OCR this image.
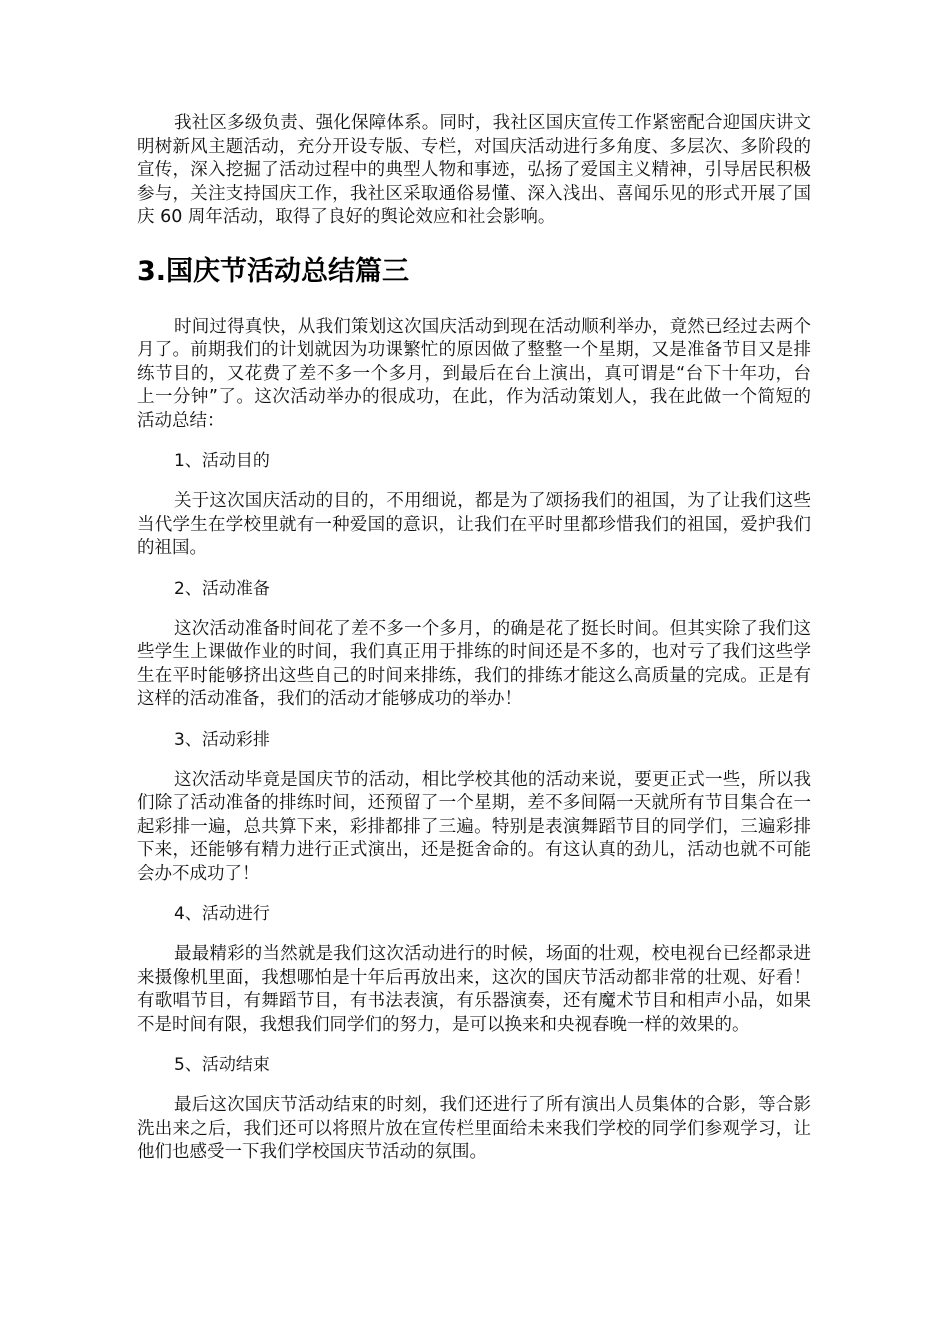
我社区多级负责、强化保障体系。同时，我社区国庆宣传工作紧密配合迎国庆讲文明树新风主题活动，充分开设专版、专栏，对国庆活动进行多角度、多层次、多阶段的宣传，深入挖掘了活动过程中的典型人物和事迹，弘扬了爱国主义精神，引导居民积极参与，关注支持国庆工作，我社区采取通俗易懂、深入浅出、喜闻乐见的形式开展了国庆 60 周年活动，取得了良好的舆论效应和社会影响。

3.国庆节活动总结篇三

时间过得真快，从我们策划这次国庆活动到现在活动顺利举办，竟然已经过去两个月了。前期我们的计划就因为功课繁忙的原因做了整整一个星期，又是准备节目又是排练节目的，又花费了差不多一个多月，到最后在台上演出，真可谓是“台下十年功，台上一分钟”了。这次活动举办的很成功，在此，作为活动策划人，我在此做一个简短的活动总结：

1、活动目的

关于这次国庆活动的目的，不用细说，都是为了颂扬我们的祖国，为了让我们这些当代学生在学校里就有一种爱国的意识，让我们在平时里都珍惜我们的祖国，爱护我们的祖国。

2、活动准备

这次活动准备时间花了差不多一个多月，的确是花了挺长时间。但其实除了我们这些学生上课做作业的时间，我们真正用于排练的时间还是不多的，也对亏了我们这些学生在平时能够挤出这些自己的时间来排练，我们的排练才能这么高质量的完成。正是有这样的活动准备，我们的活动才能够成功的举办！

3、活动彩排

这次活动毕竟是国庆节的活动，相比学校其他的活动来说，要更正式一些，所以我们除了活动准备的排练时间，还预留了一个星期，差不多间隔一天就所有节目集合在一起彩排一遍，总共算下来，彩排都排了三遍。特别是表演舞蹈节目的同学们，三遍彩排下来，还能够有精力进行正式演出，还是挺舍命的。有这认真的劲儿，活动也就不可能会办不成功了！

4、活动进行

最最精彩的当然就是我们这次活动进行的时候，场面的壮观，校电视台已经都录进来摄像机里面，我想哪怕是十年后再放出来，这次的国庆节活动都非常的壮观、好看！有歌唱节目，有舞蹈节目，有书法表演，有乐器演奏，还有魔术节目和相声小品，如果不是时间有限，我想我们同学们的努力，是可以换来和央视春晚一样的效果的。

5、活动结束

最后这次国庆节活动结束的时刻，我们还进行了所有演出人员集体的合影，等合影洗出来之后，我们还可以将照片放在宣传栏里面给未来我们学校的同学们参观学习，让他们也感受一下我们学校国庆节活动的氛围。
